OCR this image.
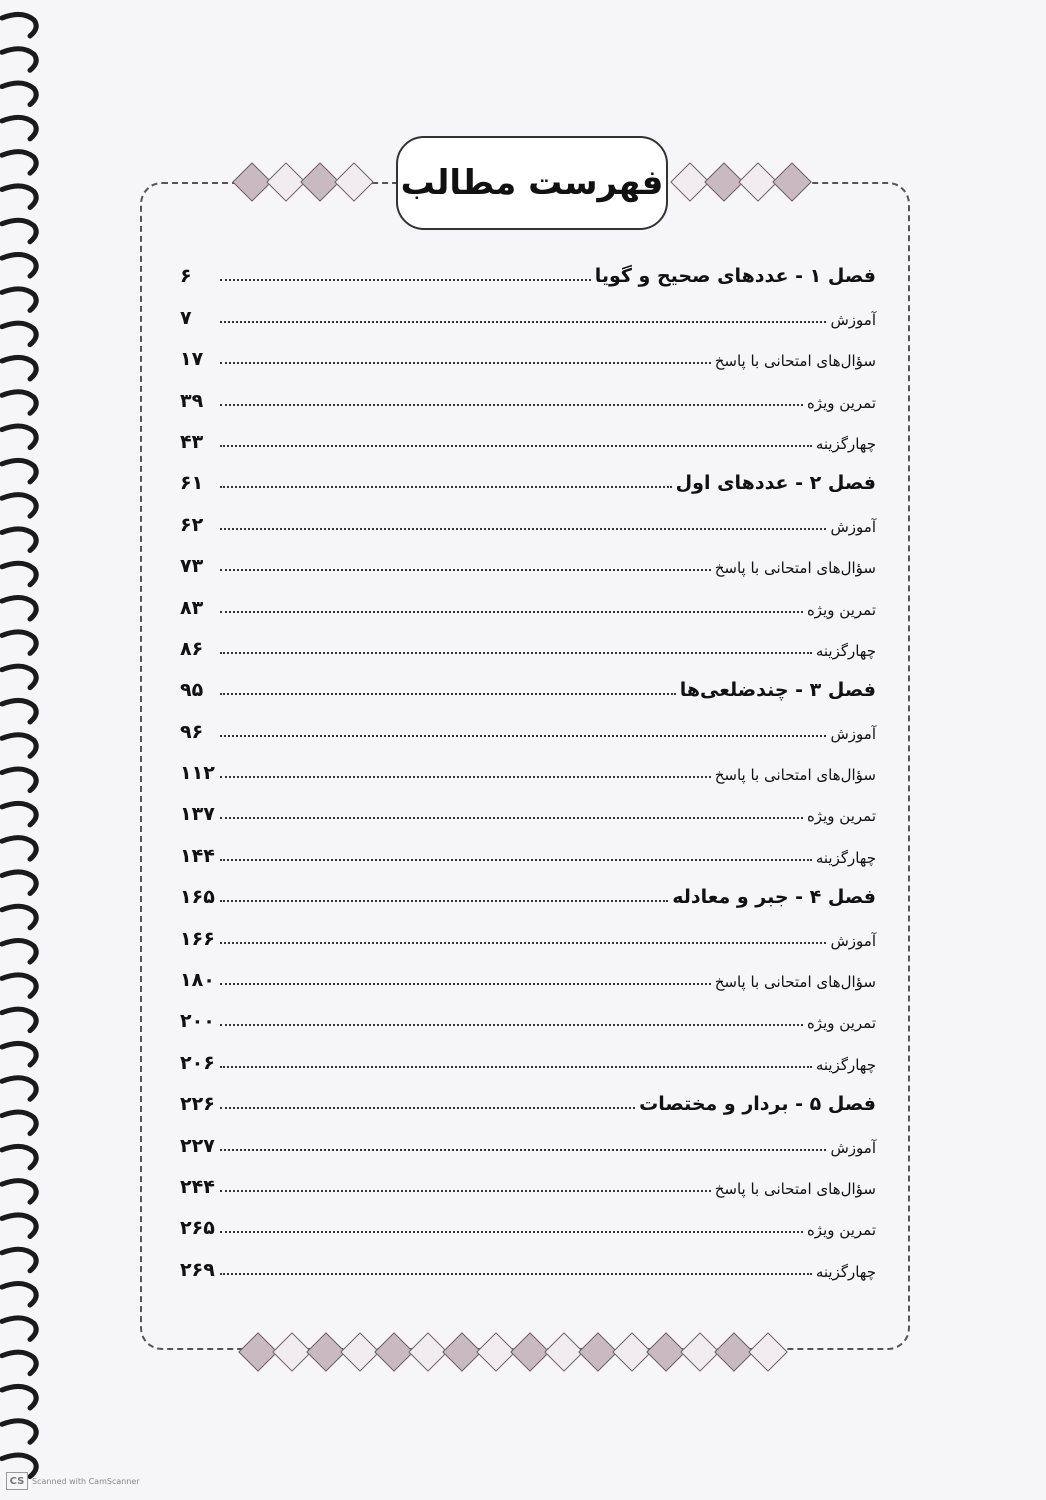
فهرست مطالب
فصل ۱ - عددهای صحیح و گویا
۶
آموزش
۷
سؤال‌های امتحانی با پاسخ
۱۷
تمرین ویژه
۳۹
چهارگزینه
۴۳
فصل ۲ - عددهای اول
۶۱
آموزش
۶۲
سؤال‌های امتحانی با پاسخ
۷۳
تمرین ویژه
۸۳
چهارگزینه
۸۶
فصل ۳ - چندضلعی‌ها
۹۵
آموزش
۹۶
سؤال‌های امتحانی با پاسخ
۱۱۲
تمرین ویژه
۱۳۷
چهارگزینه
۱۴۴
فصل ۴ - جبر و معادله
۱۶۵
آموزش
۱۶۶
سؤال‌های امتحانی با پاسخ
۱۸۰
تمرین ویژه
۲۰۰
چهارگزینه
۲۰۶
فصل ۵ - بردار و مختصات
۲۲۶
آموزش
۲۲۷
سؤال‌های امتحانی با پاسخ
۲۴۴
تمرین ویژه
۲۶۵
چهارگزینه
۲۶۹
CS Scanned with CamScanner
